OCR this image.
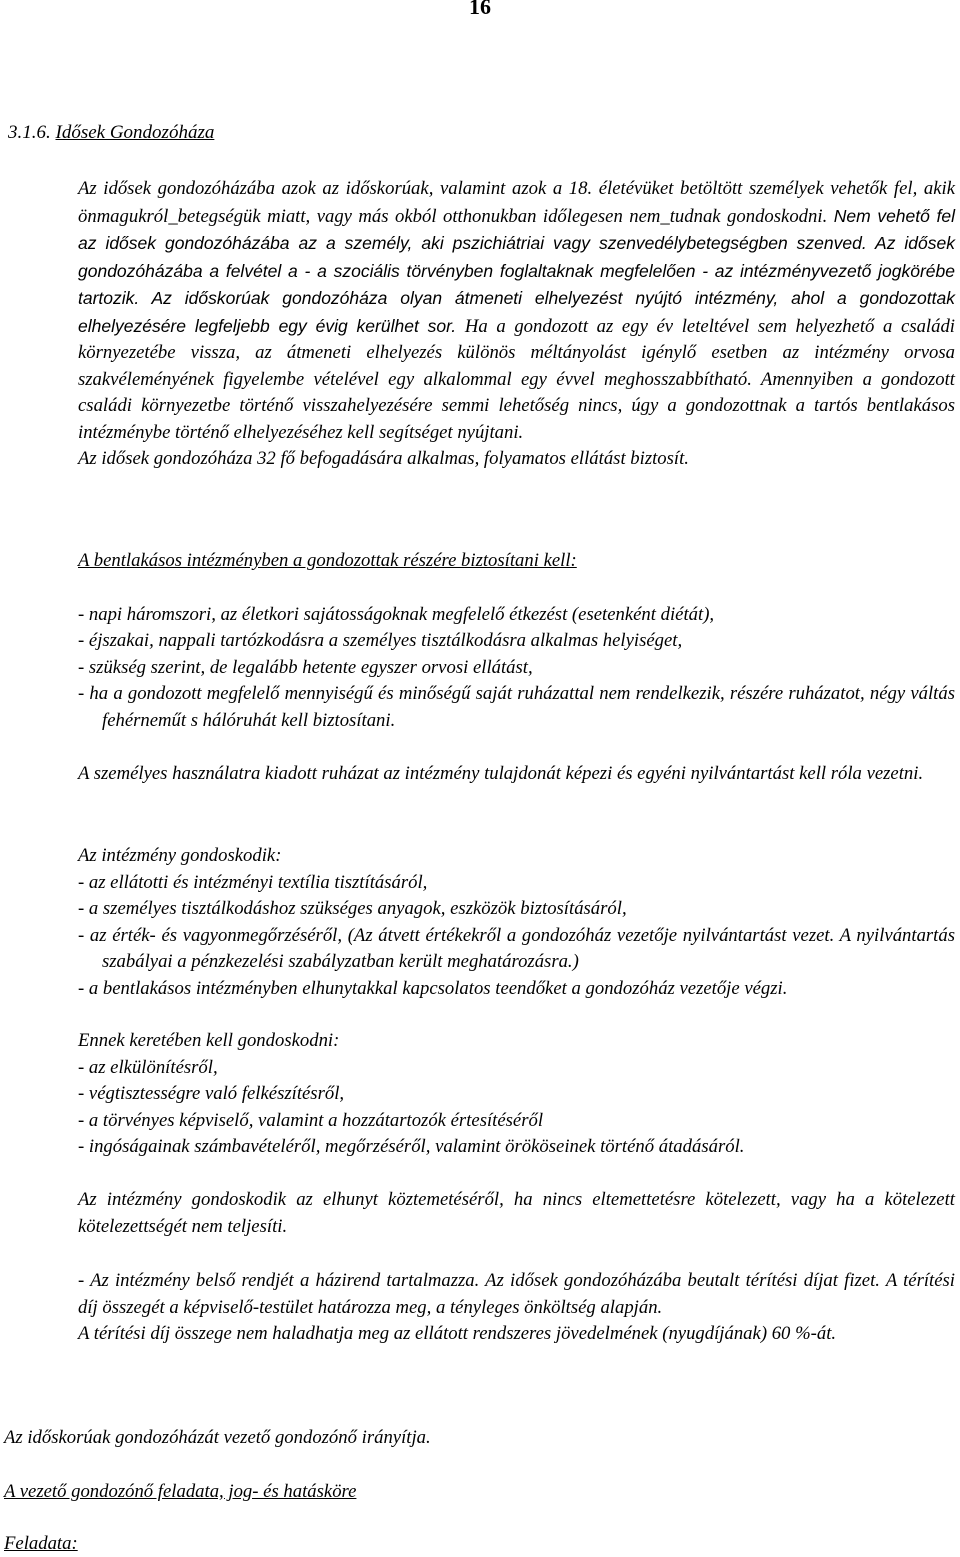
16
3.1.6. Idősek Gondozóháza
Az idősek gondozóházába azok az időskorúak, valamint azok a 18. életévüket betöltött személyek vehetők fel, akik önmagukról_betegségük miatt, vagy más okból otthonukban időlegesen nem_tudnak gondoskodni. Nem vehető fel az idősek gondozóházába az a személy, aki pszichiátriai vagy szenvedélybetegségben szenved. Az idősek gondozóházába a felvétel a - a szociális törvényben foglaltaknak megfelelően - az intézményvezető jogkörébe tartozik. Az időskorúak gondozóháza olyan átmeneti elhelyezést nyújtó intézmény, ahol a gondozottak elhelyezésére legfeljebb egy évig kerülhet sor. Ha a gondozott az egy év leteltével sem helyezhető a családi környezetébe vissza, az átmeneti elhelyezés különös méltányolást igénylő esetben az intézmény orvosa szakvéleményének figyelembe vételével egy alkalommal egy évvel meghosszabbítható. Amennyiben a gondozott családi környezetbe történő visszahelyezésére semmi lehetőség nincs, úgy a gondozottnak a tartós bentlakásos intézménybe történő elhelyezéséhez kell segítséget nyújtani.
Az idősek gondozóháza 32 fő befogadására alkalmas, folyamatos ellátást biztosít.

A bentlakásos intézményben a gondozottak részére biztosítani kell:

- napi háromszori, az életkori sajátosságoknak megfelelő étkezést (esetenként diétát),

- éjszakai, nappali tartózkodásra a személyes tisztálkodásra alkalmas helyiséget,

- szükség szerint, de legalább hetente egyszer orvosi ellátást,

- ha a gondozott megfelelő mennyiségű és minőségű saját ruházattal nem rendelkezik, részére ruházatot, négy váltás fehérneműt s hálóruhát kell biztosítani.

A személyes használatra kiadott ruházat az intézmény tulajdonát képezi és egyéni nyilvántartást kell róla vezetni.

Az intézmény gondoskodik:

- az ellátotti és intézményi textília tisztításáról,

- a személyes tisztálkodáshoz szükséges anyagok, eszközök biztosításáról,

- az érték- és vagyonmegőrzéséről, (Az átvett értékekről a gondozóház vezetője nyilvántartást vezet. A nyilvántartás szabályai a pénzkezelési szabályzatban került meghatározásra.)

- a bentlakásos intézményben elhunytakkal kapcsolatos teendőket a gondozóház vezetője végzi.

Ennek keretében kell gondoskodni:

- az elkülönítésről,

- végtisztességre való felkészítésről,

- a törvényes képviselő, valamint a hozzátartozók értesítéséről

- ingóságainak számbavételéről, megőrzéséről, valamint örököseinek történő átadásáról.

Az intézmény gondoskodik az elhunyt köztemetéséről, ha nincs eltemettetésre kötelezett, vagy ha a kötelezett kötelezettségét nem teljesíti.

- Az intézmény belső rendjét a házirend tartalmazza. Az idősek gondozóházába beutalt térítési díjat fizet. A térítési díj összegét a képviselő-testület határozza meg, a tényleges önköltség alapján.

A térítési díj összege nem haladhatja meg az ellátott rendszeres jövedelmének (nyugdíjának) 60 %-át.

Az időskorúak gondozóházát vezető gondozónő irányítja.
A vezető gondozónő feladata, jog- és hatásköre
Feladata:
